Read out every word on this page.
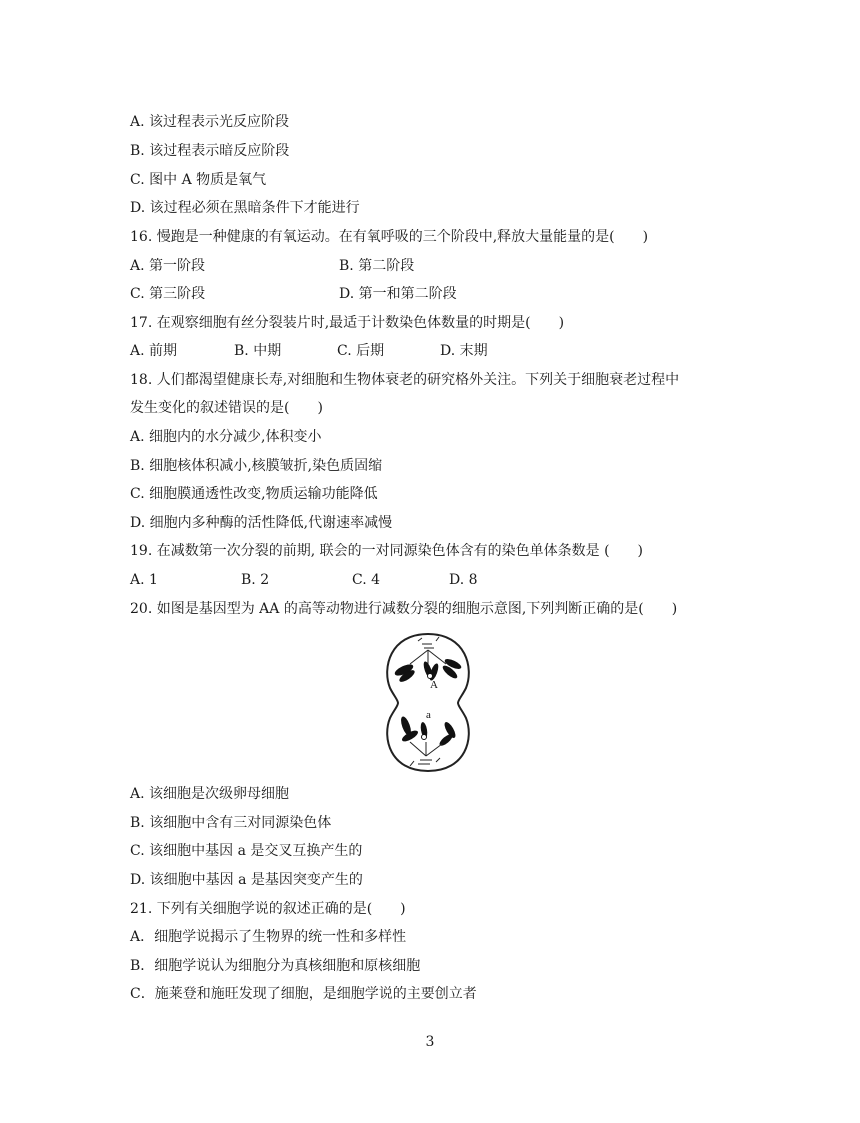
A. 该过程表示光反应阶段
B. 该过程表示暗反应阶段
C. 图中 A 物质是氧气
D. 该过程必须在黑暗条件下才能进行
16. 慢跑是一种健康的有氧运动。在有氧呼吸的三个阶段中,释放大量能量的是(　　)
A. 第一阶段	B. 第二阶段
C. 第三阶段	D. 第一和第二阶段
17. 在观察细胞有丝分裂装片时,最适于计数染色体数量的时期是(　　)
A. 前期	B. 中期	C. 后期	D. 末期
18. 人们都渴望健康长寿,对细胞和生物体衰老的研究格外关注。下列关于细胞衰老过程中
发生变化的叙述错误的是(　　)
A. 细胞内的水分减少,体积变小
B. 细胞核体积减小,核膜皱折,染色质固缩
C. 细胞膜通透性改变,物质运输功能降低
D. 细胞内多种酶的活性降低,代谢速率减慢
19. 在减数第一次分裂的前期, 联会的一对同源染色体含有的染色单体条数是 (　　)
A. 1	B. 2	C. 4	D. 8
20. 如图是基因型为 AA 的高等动物进行减数分裂的细胞示意图,下列判断正确的是(　　)
A
a
A. 该细胞是次级卵母细胞
B. 该细胞中含有三对同源染色体
C. 该细胞中基因 a 是交叉互换产生的
D. 该细胞中基因 a 是基因突变产生的
21. 下列有关细胞学说的叙述正确的是(　　)
A．细胞学说揭示了生物界的统一性和多样性
B．细胞学说认为细胞分为真核细胞和原核细胞
C．施莱登和施旺发现了细胞，是细胞学说的主要创立者
3
